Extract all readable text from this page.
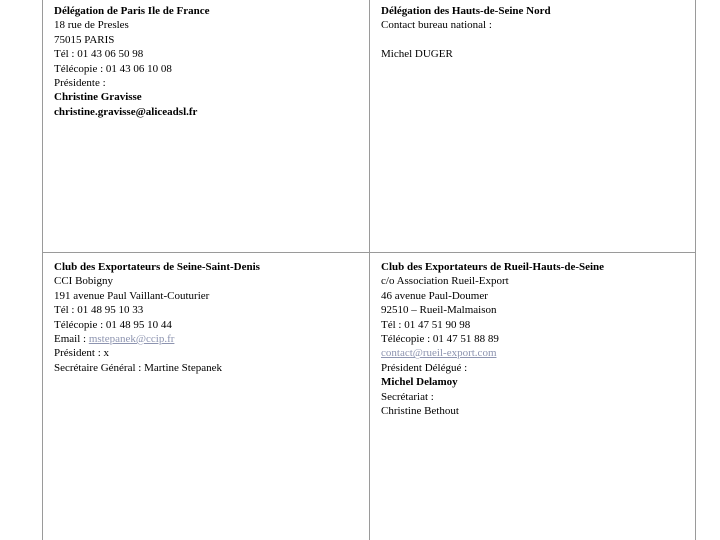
Délégation de Paris Ile de France
18 rue de Presles
75015 PARIS
Tél : 01 43 06 50 98
Télécopie : 01 43 06 10 08
Présidente :
Christine Gravisse
christine.gravisse@aliceadsl.fr
Délégation des Hauts-de-Seine Nord
Contact bureau national :
Michel DUGER
Club des Exportateurs de Seine-Saint-Denis
CCI Bobigny
191 avenue Paul Vaillant-Couturier
Tél : 01 48 95 10 33
Télécopie : 01 48 95 10 44
Email : mstepanek@ccip.fr
Président : x
Secrétaire Général : Martine Stepanek
Club des Exportateurs de Rueil-Hauts-de-Seine
c/o Association Rueil-Export
46 avenue Paul-Doumer
92510 – Rueil-Malmaison
Tél : 01 47 51 90 98
Télécopie : 01 47 51 88 89
contact@rueil-export.com
Président Délégué :
Michel Delamoy
Secrétariat :
Christine Bethout
